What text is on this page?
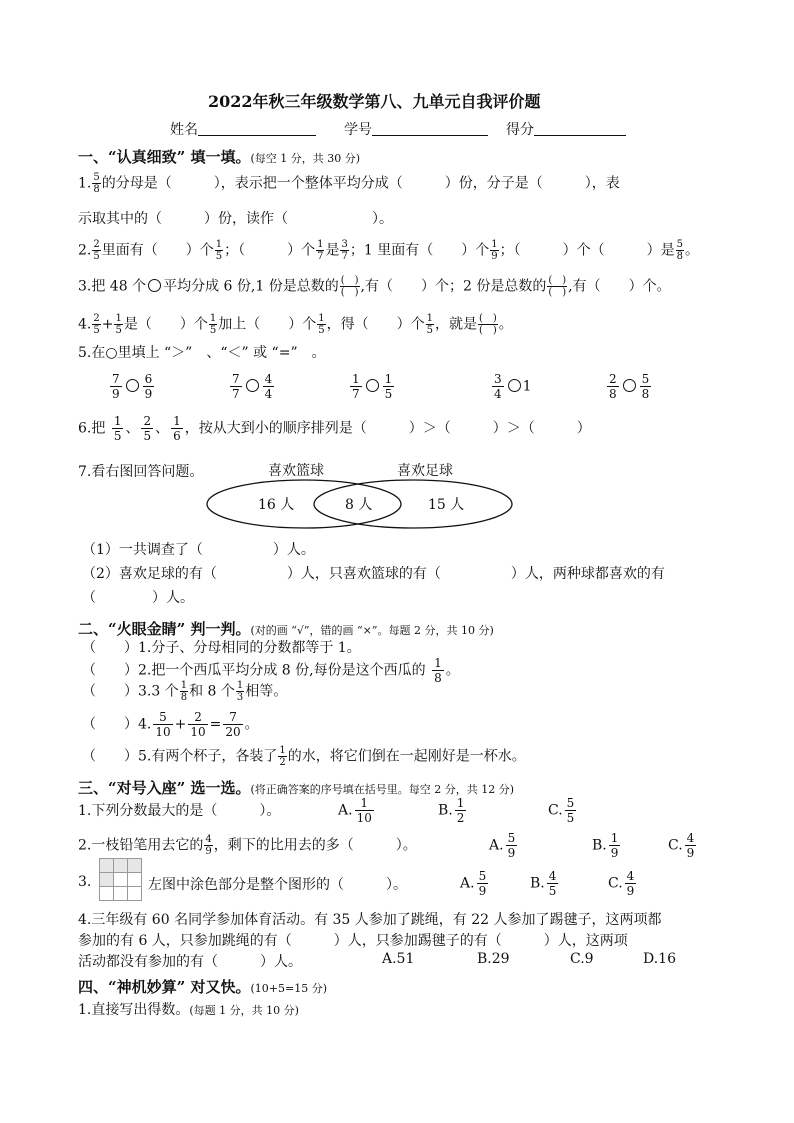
2022年秋三年级数学第八、九单元自我评价题
姓名	学号	得分
一、“认真细致” 填一填。(每空 1 分，共 30 分)
1. $\frac{5}{8}$ 的分母是（　　　），表示把一个整体平均分成（　　　）份，分子是（　　　），表
示取其中的（　　　）份，读作（　　　　　　）。
2. $\frac{2}{5}$ 里面有（　　）个 $\frac{1}{5}$ ；（　　　）个 $\frac{1}{7}$ 是 $\frac{3}{7}$ ；1 里面有（　　）个 $\frac{1}{9}$ ；（　　　）个（　　　）是 $\frac{5}{8}$ 。
3.把 48 个 平均分成 6 份,1 份是总数的 $\frac{( )}{( )}$ ,有（　　）个；2 份是总数的 $\frac{( )}{( )}$ ,有（　　）个。
4. $\frac{2}{5} + \frac{1}{5}$ 是（　　）个 $\frac{1}{5}$ 加上（　　）个 $\frac{1}{5}$ ，得（　　）个 $\frac{1}{5}$ ，就是 $\frac{( )}{( )}$ 。
5.在○里填上 “＞”　、“＜” 或 “=”　。
$\frac{7}{9} \frac{6}{9}$	$\frac{7}{7} \frac{4}{4}$	$\frac{1}{7} \frac{1}{5}$	$\frac{3}{4} 1$	$\frac{2}{8} \frac{5}{8}$
6.把 $\frac{1}{5}$ 、 $\frac{2}{5}$ 、 $\frac{1}{6}$ ，按从大到小的顺序排列是（　　　）＞（　　　）＞（　　　）
7.看右图回答问题。	喜欢篮球	喜欢足球
16 人	8 人	15 人
（1）一共调查了（　　　　　）人。
（2）喜欢足球的有（　　　　　）人，只喜欢篮球的有（　　　　　）人，两种球都喜欢的有
（　　　　）人。
二、“火眼金睛” 判一判。(对的画 “√”，错的画 “×”。每题 2 分，共 10 分)
（　　）1.分子、分母相同的分数都等于 1。
（　　）2.把一个西瓜平均分成 8 份,每份是这个西瓜的 $\frac{1}{8}$ 。
（　　）3.3 个 $\frac{1}{8}$ 和 8 个 $\frac{1}{3}$ 相等。
（　　）4. $\frac{5}{10} + \frac{2}{10} = \frac{7}{20}$ 。
（　　）5.有两个杯子，各装了 $\frac{1}{2}$ 的水，将它们倒在一起刚好是一杯水。
三、“对号入座” 选一选。(将正确答案的序号填在括号里。每空 2 分，共 12 分)
1.下列分数最大的是（　　　）。	A. $\frac{1}{10}$	B. $\frac{1}{2}$	C. $\frac{5}{5}$
2.一枝铅笔用去它的 $\frac{4}{9}$ ，剩下的比用去的多（　　　）。	A. $\frac{5}{9}$	B. $\frac{1}{9}$	C. $\frac{4}{9}$
3.	左图中涂色部分是整个图形的（　　　）。	A. $\frac{5}{9}$	B. $\frac{4}{5}$	C. $\frac{4}{9}$
4.三年级有 60 名同学参加体育活动。有 35 人参加了跳绳，有 22 人参加了踢毽子，这两项都
参加的有 6 人，只参加跳绳的有（　　　）人，只参加踢毽子的有（　　　）人，这两项
活动都没有参加的有（　　　）人。	A.51	B.29	C.9	D.16
四、“神机妙算” 对又快。(10+5=15 分)
1.直接写出得数。(每题 1 分，共 10 分)
